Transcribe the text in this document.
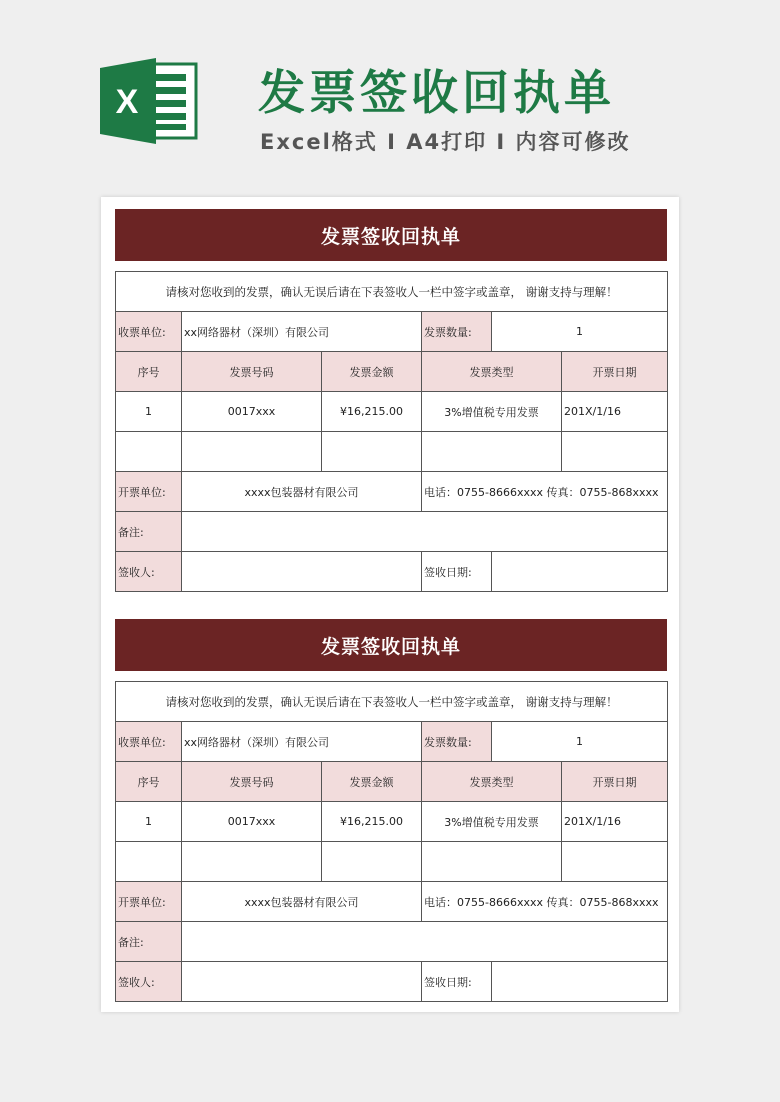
X	发票签收回执单
Excel格式 Ⅰ A4打印 Ⅰ 内容可修改
发票签收回执单
请核对您收到的发票，确认无误后请在下表签收人一栏中签字或盖章， 谢谢支持与理解！					
收票单位:	xx网络器材（深圳）有限公司		发票数量:	1	
序号	发票号码	发票金额	发票类型		开票日期
1	0017xxx	¥16,215.00	3%增值税专用发票		201X/1/16

开票单位:	xxxx包装器材有限公司		电话：0755-8666xxxx 传真：0755-868xxxx		
备注:					
签收人:			签收日期:		
发票签收回执单
请核对您收到的发票，确认无误后请在下表签收人一栏中签字或盖章， 谢谢支持与理解！					
收票单位:	xx网络器材（深圳）有限公司		发票数量:	1	
序号	发票号码	发票金额	发票类型		开票日期
1	0017xxx	¥16,215.00	3%增值税专用发票		201X/1/16

开票单位:	xxxx包装器材有限公司		电话：0755-8666xxxx 传真：0755-868xxxx		
备注:					
签收人:			签收日期:		
